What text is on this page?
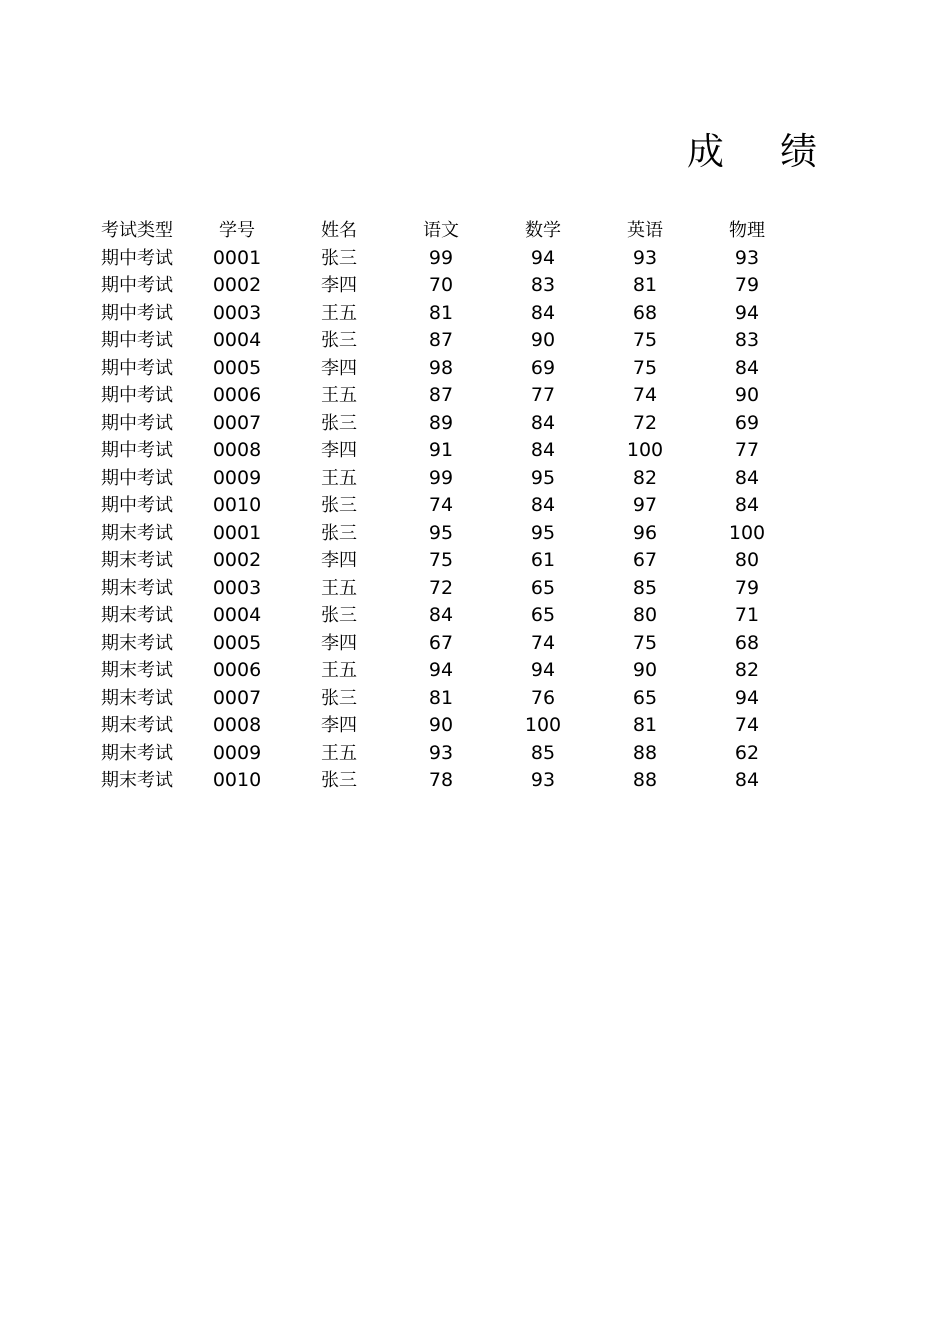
成绩
考试类型	学号	姓名	语文	数学	英语	物理
期中考试	0001	张三	99	94	93	93
期中考试	0002	李四	70	83	81	79
期中考试	0003	王五	81	84	68	94
期中考试	0004	张三	87	90	75	83
期中考试	0005	李四	98	69	75	84
期中考试	0006	王五	87	77	74	90
期中考试	0007	张三	89	84	72	69
期中考试	0008	李四	91	84	100	77
期中考试	0009	王五	99	95	82	84
期中考试	0010	张三	74	84	97	84
期末考试	0001	张三	95	95	96	100
期末考试	0002	李四	75	61	67	80
期末考试	0003	王五	72	65	85	79
期末考试	0004	张三	84	65	80	71
期末考试	0005	李四	67	74	75	68
期末考试	0006	王五	94	94	90	82
期末考试	0007	张三	81	76	65	94
期末考试	0008	李四	90	100	81	74
期末考试	0009	王五	93	85	88	62
期末考试	0010	张三	78	93	88	84
